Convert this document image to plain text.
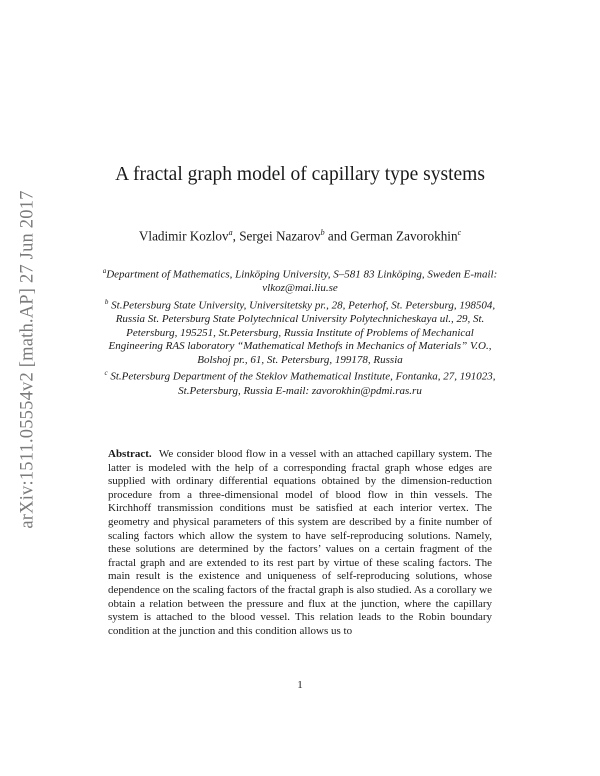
arXiv:1511.05554v2 [math.AP] 27 Jun 2017
A fractal graph model of capillary type systems
Vladimir Kozlov$^a$, Sergei Nazarov$^b$ and German Zavorokhin$^c$
$^a$Department of Mathematics, Linköping University, S–581 83 Linköping, Sweden E-mail: vlkoz@mai.liu.se
$^b$ St.Petersburg State University, Universitetsky pr., 28, Peterhof, St. Petersburg, 198504, Russia St. Petersburg State Polytechnical University Polytechnicheskaya ul., 29, St. Petersburg, 195251, St.Petersburg, Russia Institute of Problems of Mechanical Engineering RAS laboratory “Mathematical Methofs in Mechanics of Materials” V.O., Bolshoj pr., 61, St. Petersburg, 199178, Russia
$^c$ St.Petersburg Department of the Steklov Mathematical Institute, Fontanka, 27, 191023, St.Petersburg, Russia E-mail: zavorokhin@pdmi.ras.ru

Abstract. We consider blood flow in a vessel with an attached capillary system. The latter is modeled with the help of a corresponding fractal graph whose edges are supplied with ordinary differential equations obtained by the dimension-reduction procedure from a three-dimensional model of blood flow in thin vessels. The Kirchhoff transmission conditions must be satisfied at each interior vertex. The geometry and physical parameters of this system are described by a finite number of scaling factors which allow the system to have self-reproducing solutions. Namely, these solutions are determined by the factors’ values on a certain fragment of the fractal graph and are extended to its rest part by virtue of these scaling factors. The main result is the existence and uniqueness of self-reproducing solutions, whose dependence on the scaling factors of the fractal graph is also studied. As a corollary we obtain a relation between the pressure and flux at the junction, where the capillary system is attached to the blood vessel. This relation leads to the Robin boundary condition at the junction and this condition allows us to

1
